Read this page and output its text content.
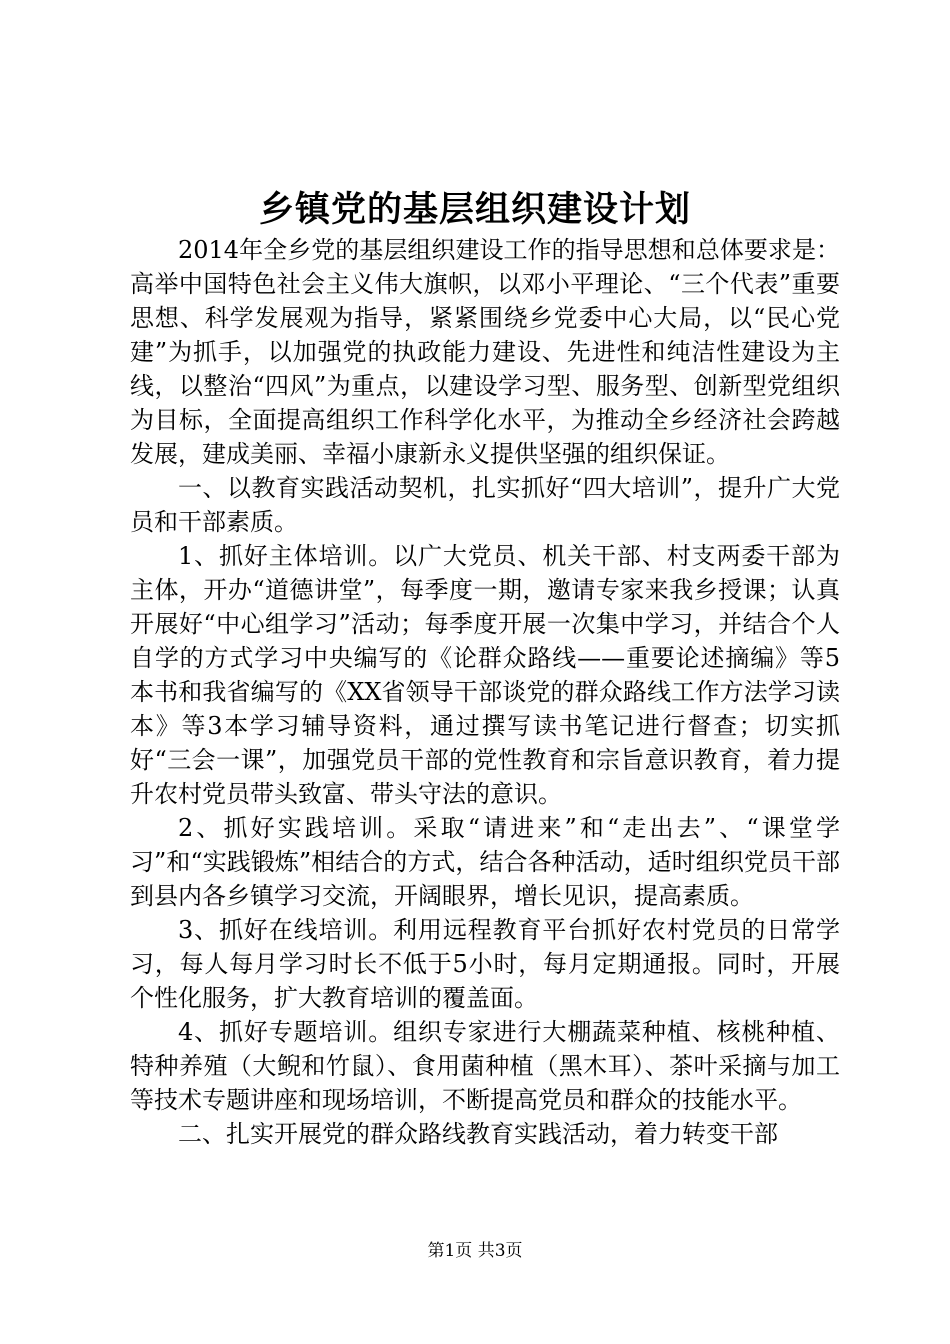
乡镇党的基层组织建设计划

2014年全乡党的基层组织建设工作的指导思想和总体要求是：高举中国特色社会主义伟大旗帜，以邓小平理论、“三个代表”重要思想、科学发展观为指导，紧紧围绕乡党委中心大局，以“民心党建”为抓手，以加强党的执政能力建设、先进性和纯洁性建设为主线，以整治“四风”为重点，以建设学习型、服务型、创新型党组织为目标，全面提高组织工作科学化水平，为推动全乡经济社会跨越发展，建成美丽、幸福小康新永义提供坚强的组织保证。

一、以教育实践活动契机，扎实抓好“四大培训”，提升广大党员和干部素质。

1、抓好主体培训。以广大党员、机关干部、村支两委干部为主体，开办“道德讲堂”，每季度一期，邀请专家来我乡授课；认真开展好“中心组学习”活动；每季度开展一次集中学习，并结合个人自学的方式学习中央编写的《论群众路线——重要论述摘编》等5本书和我省编写的《XX省领导干部谈党的群众路线工作方法学习读本》等3本学习辅导资料，通过撰写读书笔记进行督查；切实抓好“三会一课”，加强党员干部的党性教育和宗旨意识教育，着力提升农村党员带头致富、带头守法的意识。

2、抓好实践培训。采取“请进来”和“走出去”、“课堂学习”和“实践锻炼”相结合的方式，结合各种活动，适时组织党员干部到县内各乡镇学习交流，开阔眼界，增长见识，提高素质。

3、抓好在线培训。利用远程教育平台抓好农村党员的日常学习，每人每月学习时长不低于5小时，每月定期通报。同时，开展个性化服务，扩大教育培训的覆盖面。

4、抓好专题培训。组织专家进行大棚蔬菜种植、核桃种植、特种养殖（大鲵和竹鼠）、食用菌种植（黑木耳）、茶叶采摘与加工等技术专题讲座和现场培训，不断提高党员和群众的技能水平。

二、扎实开展党的群众路线教育实践活动，着力转变干部

第1页 共3页
